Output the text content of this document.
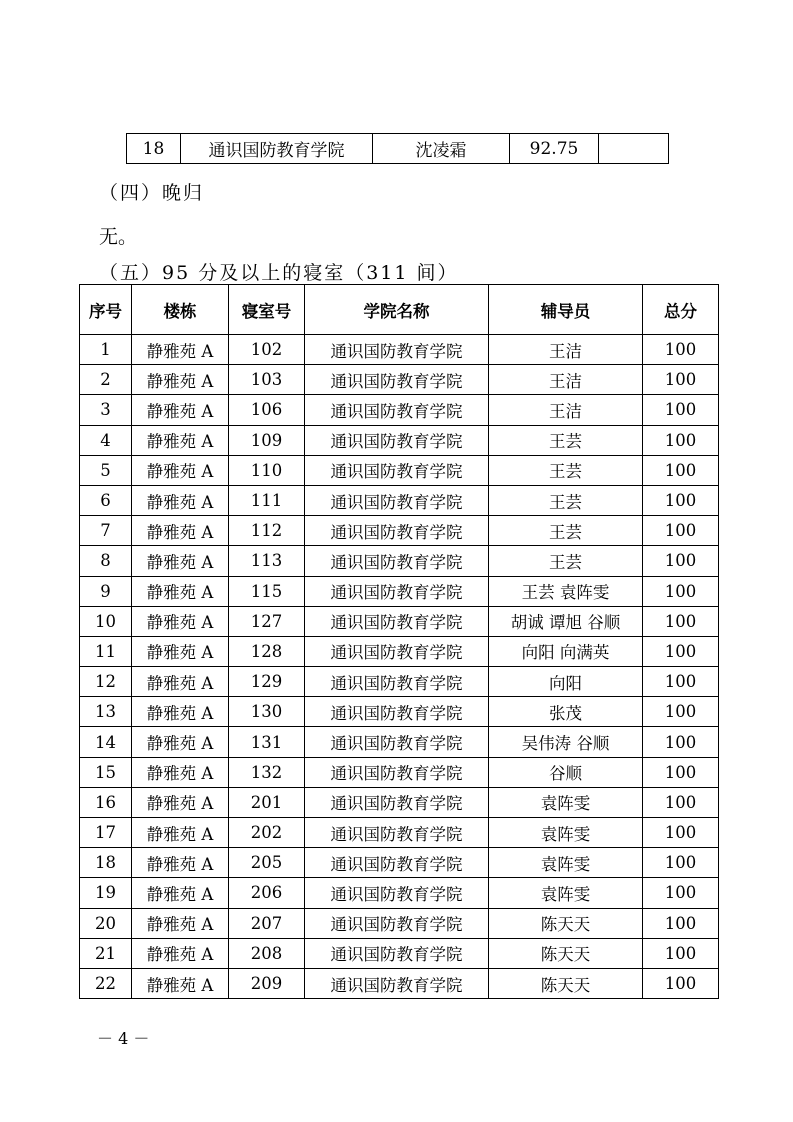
18	通识国防教育学院	沈凌霜	92.75	
（四）晚归
无。
（五）95 分及以上的寝室（311 间）
序号	楼栋	寝室号	学院名称	辅导员	总分
1	静雅苑 A	102	通识国防教育学院	王洁	100
2	静雅苑 A	103	通识国防教育学院	王洁	100
3	静雅苑 A	106	通识国防教育学院	王洁	100
4	静雅苑 A	109	通识国防教育学院	王芸	100
5	静雅苑 A	110	通识国防教育学院	王芸	100
6	静雅苑 A	111	通识国防教育学院	王芸	100
7	静雅苑 A	112	通识国防教育学院	王芸	100
8	静雅苑 A	113	通识国防教育学院	王芸	100
9	静雅苑 A	115	通识国防教育学院	王芸 袁阵雯	100
10	静雅苑 A	127	通识国防教育学院	胡诚 谭旭 谷顺	100
11	静雅苑 A	128	通识国防教育学院	向阳 向满英	100
12	静雅苑 A	129	通识国防教育学院	向阳	100
13	静雅苑 A	130	通识国防教育学院	张茂	100
14	静雅苑 A	131	通识国防教育学院	吴伟涛 谷顺	100
15	静雅苑 A	132	通识国防教育学院	谷顺	100
16	静雅苑 A	201	通识国防教育学院	袁阵雯	100
17	静雅苑 A	202	通识国防教育学院	袁阵雯	100
18	静雅苑 A	205	通识国防教育学院	袁阵雯	100
19	静雅苑 A	206	通识国防教育学院	袁阵雯	100
20	静雅苑 A	207	通识国防教育学院	陈天天	100
21	静雅苑 A	208	通识国防教育学院	陈天天	100
22	静雅苑 A	209	通识国防教育学院	陈天天	100
－ 4 －
